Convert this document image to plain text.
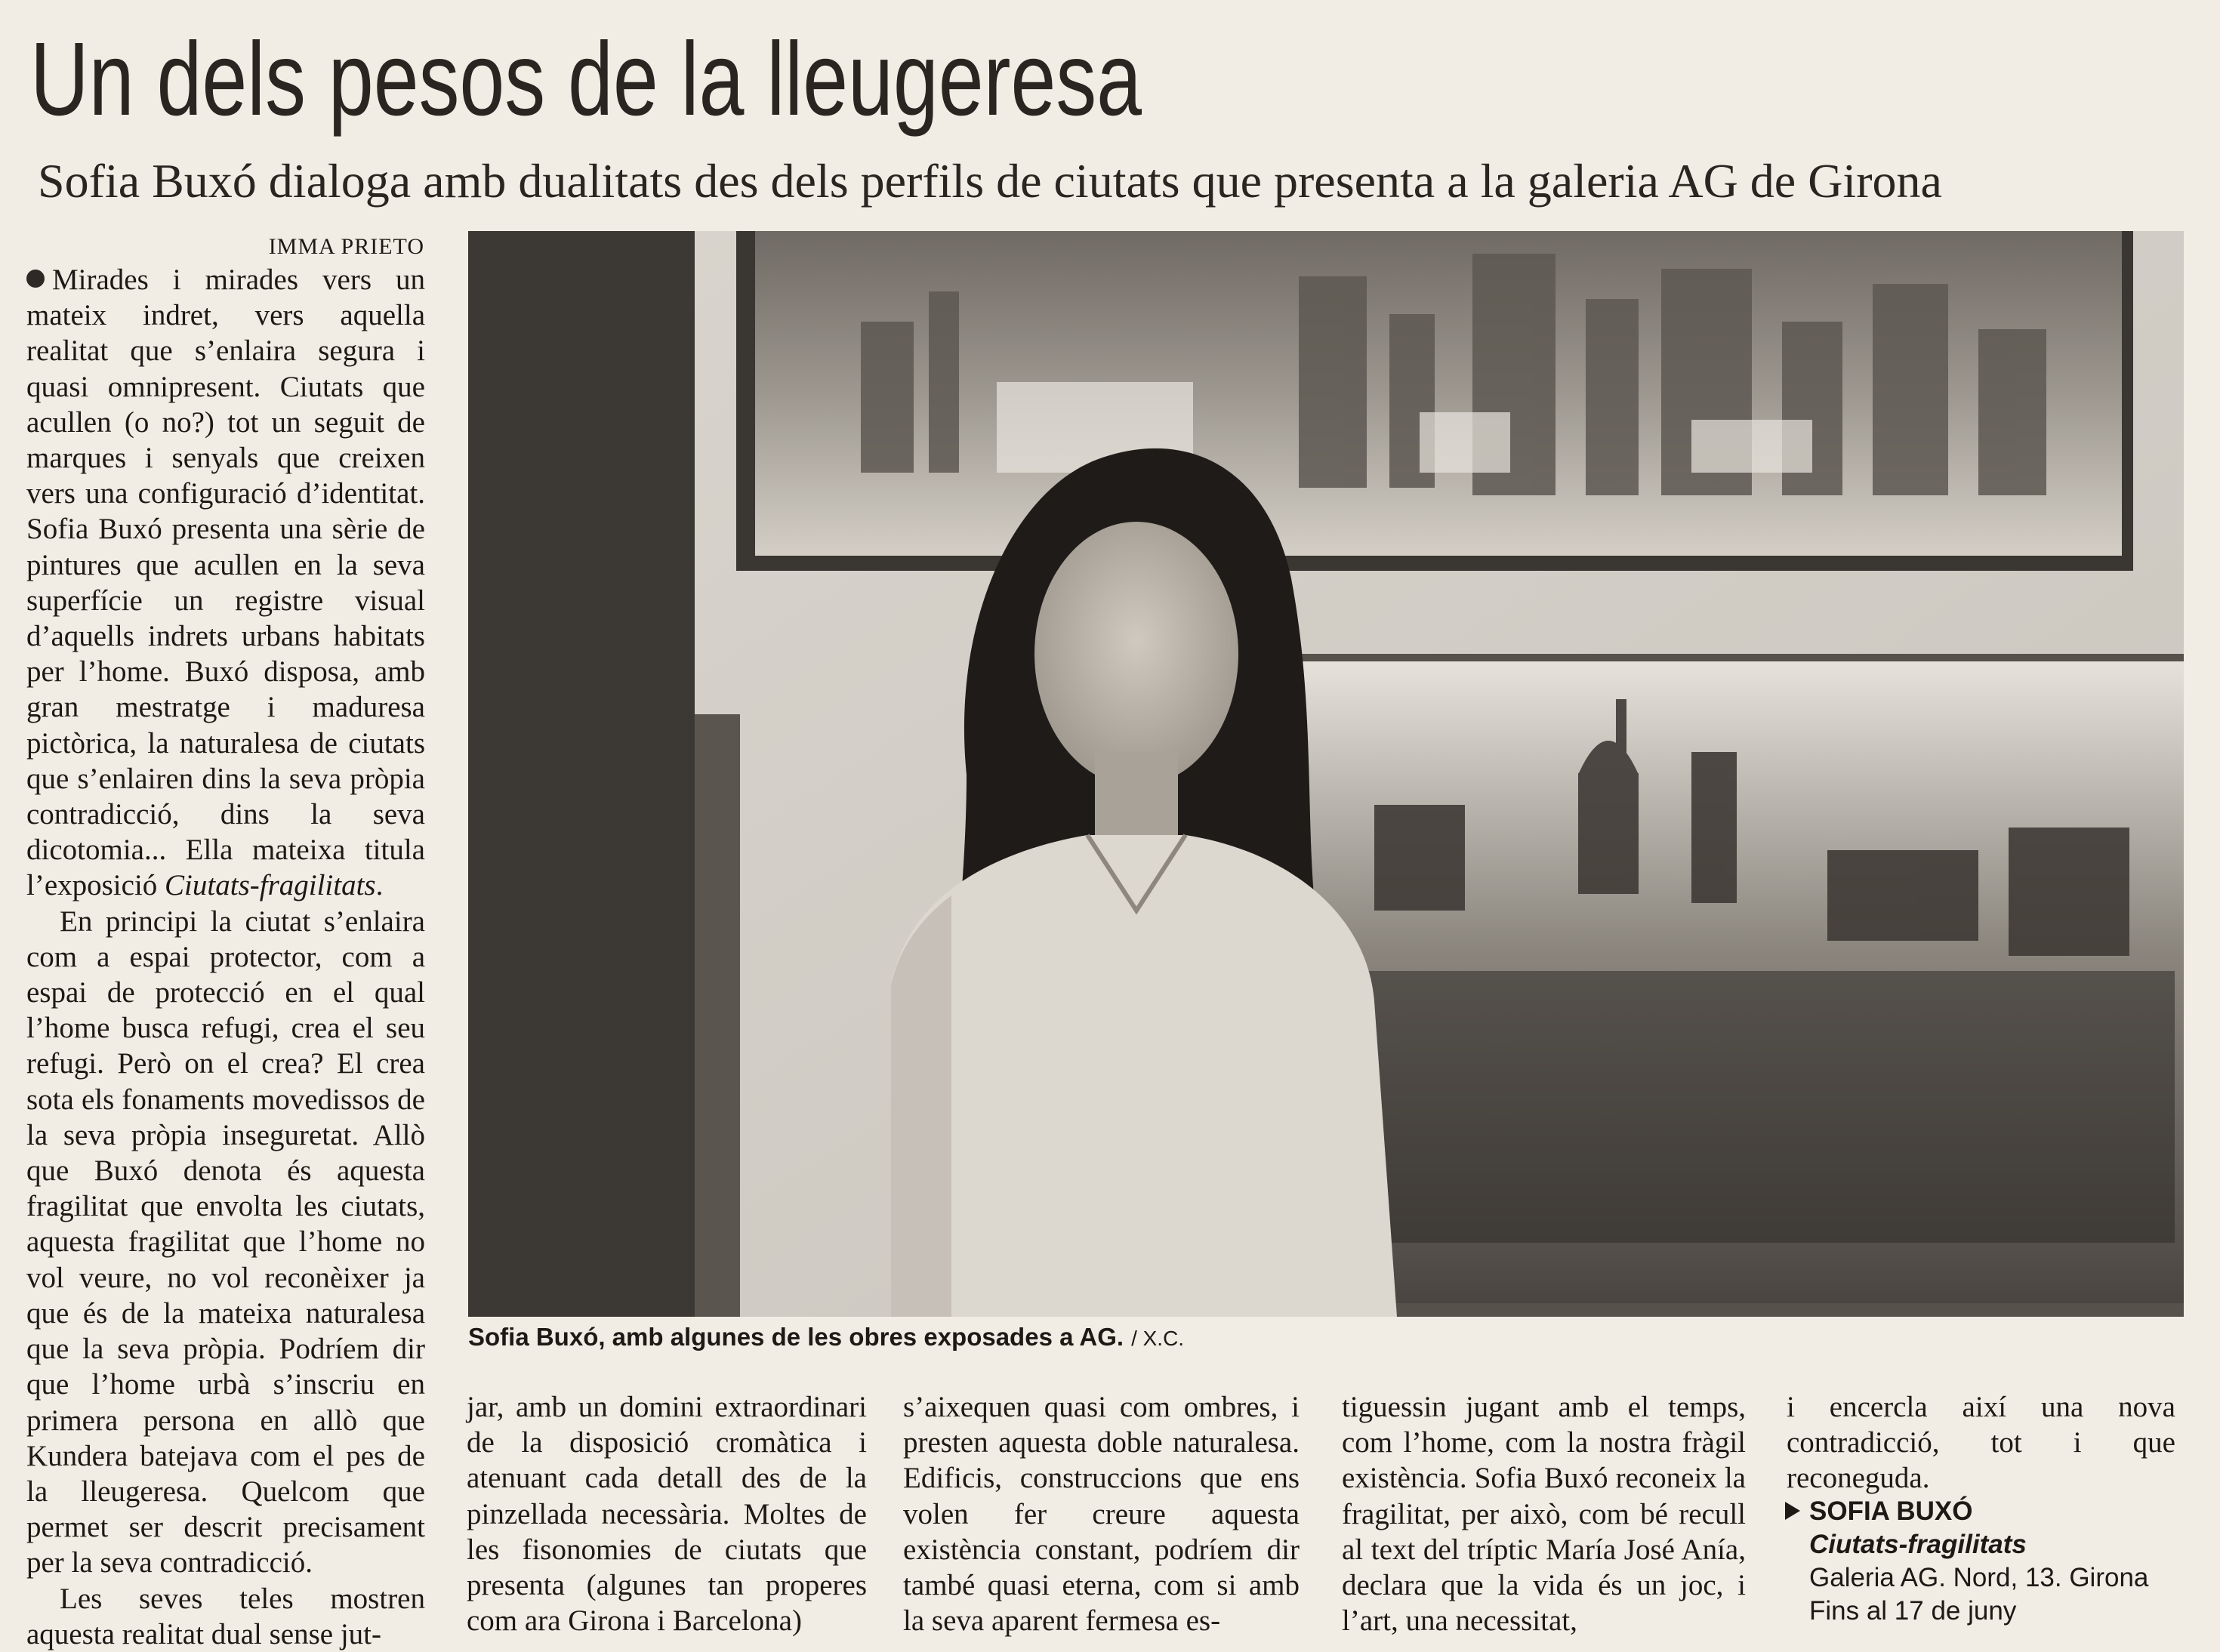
Un dels pesos de la lleugeresa
Sofia Buxó dialoga amb dualitats des dels perfils de ciutats que presenta a la galeria AG de Girona
IMMA PRIETO

Mirades i mirades vers un mateix indret, vers aquella realitat que s’enlaira segura i quasi omnipresent. Ciutats que acullen (o no?) tot un seguit de marques i senyals que creixen vers una configuració d’identitat. Sofia Buxó presenta una sèrie de pintures que acullen en la seva superfície un registre visual d’aquells indrets urbans habitats per l’home. Buxó disposa, amb gran mestratge i maduresa pictòrica, la naturalesa de ciutats que s’enlairen dins la seva pròpia contradicció, dins la seva dicotomia... Ella mateixa titula l’exposició Ciutats-fragilitats.

En principi la ciutat s’enlaira com a espai protector, com a espai de protecció en el qual l’home busca refugi, crea el seu refugi. Però on el crea? El crea sota els fonaments movedissos de la seva pròpia inseguretat. Allò que Buxó denota és aquesta fragilitat que envolta les ciutats, aquesta fragilitat que l’home no vol veure, no vol reconèixer ja que és de la mateixa naturalesa que la seva pròpia. Podríem dir que l’home urbà s’inscriu en primera persona en allò que Kundera batejava com el pes de la lleugeresa. Quelcom que permet ser descrit precisament per la seva contradicció.

Les seves teles mostren aquesta realitat dual sense jut-

Sofia Buxó, amb algunes de les obres exposades a AG. / X.C.
jar, amb un domini extraordinari de la disposició cromàtica i atenuant cada detall des de la pinzellada necessària. Moltes de les fisonomies de ciutats que presenta (algunes tan properes com ara Girona i Barcelona)
s’aixequen quasi com ombres, i presten aquesta doble naturalesa. Edificis, construccions que ens volen fer creure aquesta existència constant, podríem dir també quasi eterna, com si amb la seva aparent fermesa es-
tiguessin jugant amb el temps, com l’home, com la nostra fràgil existència. Sofia Buxó reconeix la fragilitat, per això, com bé recull al text del tríptic María José Anía, declara que la vida és un joc, i l’art, una necessitat,
i encercla així una nova contradicció, tot i que reconeguda.
SOFIA BUXÓ
Ciutats-fragilitats
Galeria AG. Nord, 13. Girona
Fins al 17 de juny
